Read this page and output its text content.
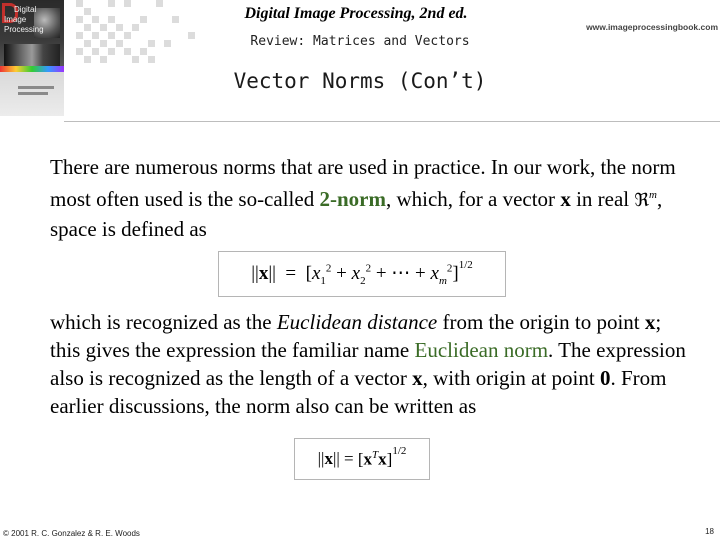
Digital
Image
Processing
Digital Image Processing, 2nd ed.
www.imageprocessingbook.com
Review: Matrices and Vectors
Vector Norms (Con’t)

There are numerous norms that are used in practice. In our work, the norm most often used is the so-called 2-norm, which, for a vector x in real ℜ$^m$, space is defined as

||x||
=
[$x_1^2 + x_2^2$ + ⋯ + $x_m^2]^{1/2}$

which is recognized as the Euclidean distance from the origin to point x; this gives the expression the familiar name Euclidean norm. The expression also is recognized as the length of a vector x, with origin at point 0. From earlier discussions, the norm also can be written as

||x||
=
$[x^Tx]^{1/2}$
© 2001 R. C. Gonzalez & R. E. Woods	18
